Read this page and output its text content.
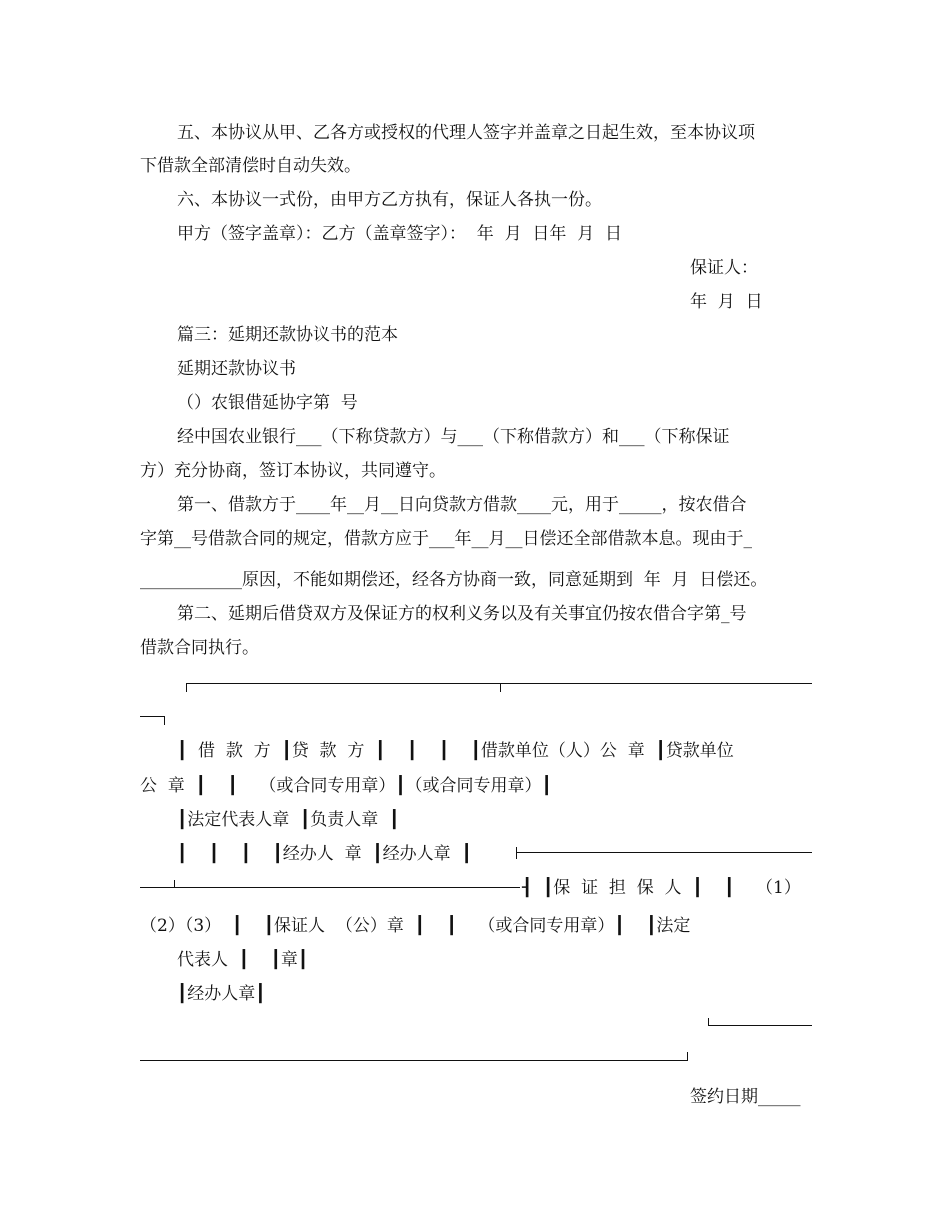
五、本协议从甲、乙各方或授权的代理人签字并盖章之日起生效，至本协议项
下借款全部清偿时自动失效。
六、本协议一式份，由甲方乙方执有，保证人各执一份。
甲方（签字盖章）：乙方（盖章签字）：  年  月  日年  月  日
保证人：
年  月  日
篇三：延期还款协议书的范本
延期还款协议书
（）农银借延协字第  号
经中国农业银行___（下称贷款方）与___（下称借款方）和___（下称保证
方）充分协商，签订本协议，共同遵守。
第一、借款方于____年__月__日向贷款方借款____元，用于_____，按农借合
字第__号借款合同的规定，借款方应于___年__月__日偿还全部借款本息。现由于_
____________原因，不能如期偿还，经各方协商一致，同意延期到  年  月  日偿还。
第二、延期后借贷双方及保证方的权利义务以及有关事宜仍按农借合字第_号
借款合同执行。
┃  借  款  方  ┃贷  款  方  ┃    ┃    ┃    ┃借款单位（人）公  章  ┃贷款单位
公  章  ┃    ┃    （或合同专用章）┃（或合同专用章）┃
┃法定代表人章  ┃负责人章  ┃
┃    ┃    ┃    ┃经办人  章  ┃经办人章  ┃
┨  ┃保  证  担  保  人  ┃    ┃    （1）
（2）（3）  ┃    ┃保证人  （公）章  ┃    ┃    （或合同专用章）┃    ┃法定
代表人  ┃    ┃章┃
┃经办人章┃
签约日期_____
